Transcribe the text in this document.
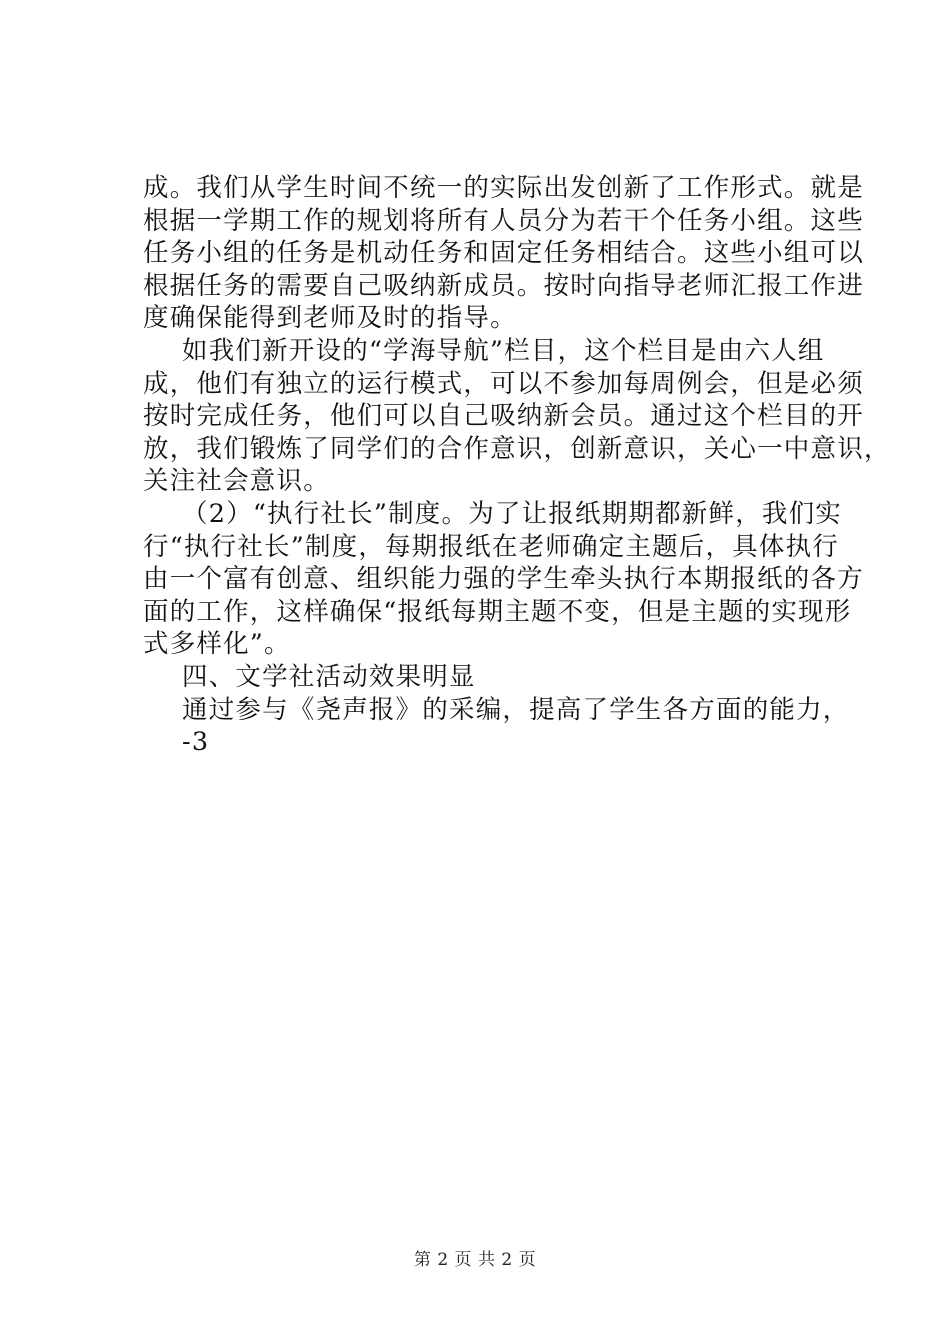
成。我们从学生时间不统一的实际出发创新了工作形式。就是
根据一学期工作的规划将所有人员分为若干个任务小组。这些
任务小组的任务是机动任务和固定任务相结合。这些小组可以
根据任务的需要自己吸纳新成员。按时向指导老师汇报工作进
度确保能得到老师及时的指导。
如我们新开设的“学海导航”栏目，这个栏目是由六人组
成，他们有独立的运行模式，可以不参加每周例会，但是必须
按时完成任务，他们可以自己吸纳新会员。通过这个栏目的开
放，我们锻炼了同学们的合作意识，创新意识，关心一中意识，
关注社会意识。
（2）“执行社长”制度。为了让报纸期期都新鲜，我们实
行“执行社长”制度，每期报纸在老师确定主题后，具体执行
由一个富有创意、组织能力强的学生牵头执行本期报纸的各方
面的工作，这样确保“报纸每期主题不变，但是主题的实现形
式多样化”。
四、文学社活动效果明显
通过参与《尧声报》的采编，提高了学生各方面的能力，
-3
第 2 页 共 2 页
